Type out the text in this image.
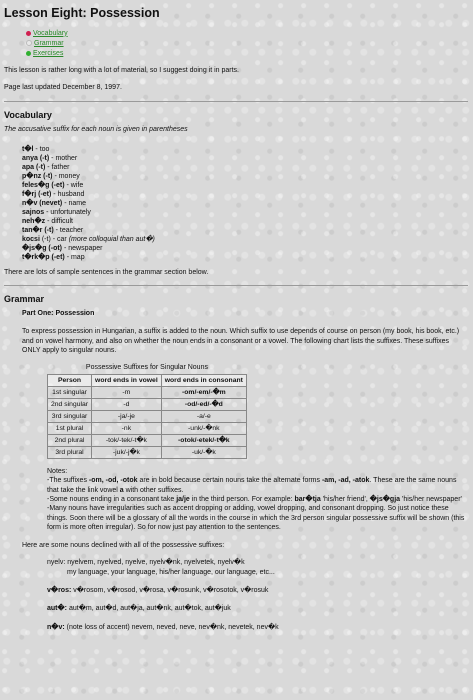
Lesson Eight: Possession
Vocabulary
Grammar
Exercises

This lesson is rather long with a lot of material, so I suggest doing it in parts.

Page last updated December 8, 1997.

Vocabulary
The accusative suffix for each noun is given in parentheses
t�l - too
anya (-t) - mother
apa (-t) - father
p�nz (-t) - money
feles�g (-et) - wife
f�rj (-et) - husband
n�v (nevet) - name
sajnos - unfortunately
neh�z - difficult
tan�r (-t) - teacher
kocsi (-t) - car (more colloquial than aut�)
�js�g (-ot) - newspaper
t�rk�p (-et) - map

There are lots of sample sentences in the grammar section below.

Grammar
Part One: Possession

To express possession in Hungarian, a suffix is added to the noun. Which suffix to use depends of course on person (my book, his book, etc.) and on vowel harmony, and also on whether the noun ends in a consonant or a vowel. The following chart lists the suffixes. These suffixes ONLY apply to singular nouns.

Possessive Suffixes for Singular Nouns
Person	word ends in vowel	word ends in consonant
1st singular	-m	-om/-em/-�m
2nd singular	-d	-od/-ed/-�d
3rd singular	-ja/-je	-a/-e
1st plural	-nk	-unk/-�nk
2nd plural	-tok/-tek/-t�k	-otok/-etek/-t�k
3rd plural	-juk/-j�k	-uk/-�k
Notes:
-The suffixes -om, -od, -otok are in bold because certain nouns take the alternate forms -am, -ad, -atok. These are the same nouns that take the link vowel a with other suffixes.
-Some nouns ending in a consonant take ja/je in the third person. For example: bar�tja 'his/her friend', �js�gja 'his/her newspaper'
-Many nouns have irregularities such as accent dropping or adding, vowel dropping, and consonant dropping. So just notice these things. Soon there will be a glossary of all the words in the course in which the 3rd person singular possessive suffix will be shown (this form is more often irregular). So for now just pay attention to the sentences.

Here are some nouns declined with all of the possessive suffixes:

nyelv: nyelvem, nyelved, nyelve, nyelv�nk, nyelvetek, nyelv�k
my language, your language, his/her language, our language, etc...

v�ros: v�rosom, v�rosod, v�rosa, v�rosunk, v�rosotok, v�rosuk

aut�: aut�m, aut�d, aut�ja, aut�nk, aut�tok, aut�juk

n�v: (note loss of accent) nevem, neved, neve, nev�nk, nevetek, nev�k
